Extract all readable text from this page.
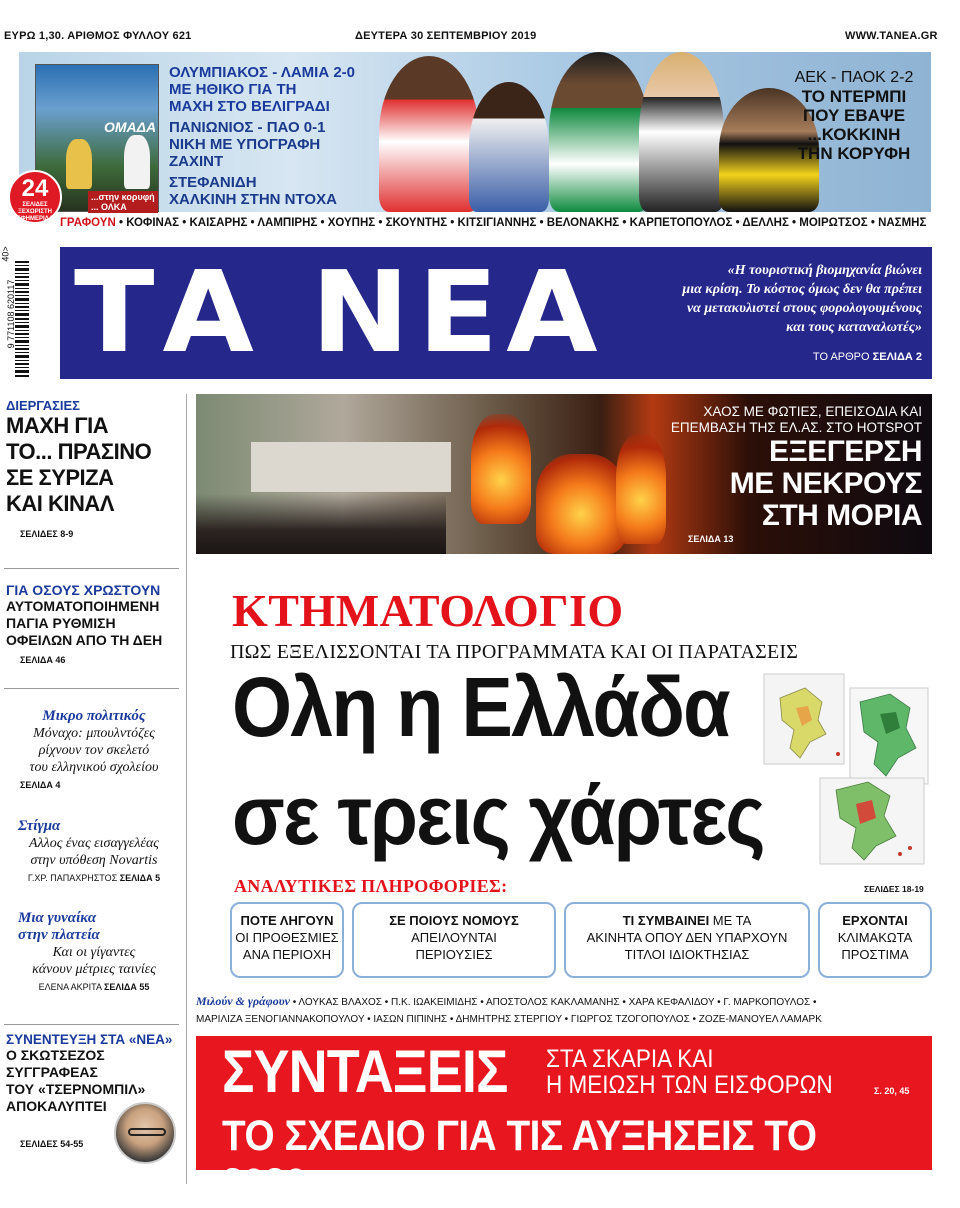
ΕΥΡΩ 1,30. ΑΡΙΘΜΟΣ ΦΥΛΛΟΥ 621	ΔΕΥΤΕΡΑ 30 ΣΕΠΤΕΜΒΡΙΟΥ 2019	WWW.TANEA.GR
ΟΜΑΔΑ
...στην κορυφή
... ΟΛΚΑ
ΟΛΥΜΠΙΑΚΟΣ - ΛΑΜΙΑ 2-0
ΜΕ ΗΘΙΚΟ ΓΙΑ ΤΗ ΜΑΧΗ ΣΤΟ ΒΕΛΙΓΡΑΔΙ
ΠΑΝΙΩΝΙΟΣ - ΠΑΟ 0-1
ΝΙΚΗ ΜΕ ΥΠΟΓΡΑΦΗ ΖΑΧΙΝΤ
ΣΤΕΦΑΝΙΔΗ
ΧΑΛΚΙΝΗ ΣΤΗΝ ΝΤΟΧΑ
ΑΕΚ - ΠΑΟΚ 2-2
ΤΟ ΝΤΕΡΜΠΙ
ΠΟΥ ΕΒΑΨΕ
...ΚΟΚΚΙΝΗ
ΤΗΝ ΚΟΡΥΦΗ
24
ΣΕΛΙΔΕΣ
ΞΕΧΩΡΙΣΤΗ ΕΦΗΜΕΡΙΔΑ ΓΡΑΦΟΥΝ • ΚΟΦΙΝΑΣ • ΚΑΙΣΑΡΗΣ • ΛΑΜΠΙΡΗΣ • ΧΟΥΠΗΣ • ΣΚΟΥΝΤΗΣ • ΚΙΤΣΙΓΙΑΝΝΗΣ • ΒΕΛΟΝΑΚΗΣ • ΚΑΡΠΕΤΟΠΟΥΛΟΣ • ΔΕΛΛΗΣ • ΜΟΙΡΩΤΣΟΣ • ΝΑΣΜΗΣ
9 771108 620117
40> ΤΑ ΝΕΑ	«Η τουριστική βιομηχανία βιώνει
μια κρίση. Το κόστος όμως δεν θα πρέπει
να μετακυλιστεί στους φορολογουμένους
και τους καταναλωτές»
ΤΟ ΑΡΘΡΟ ΣΕΛΙΔΑ 2
ΔΙΕΡΓΑΣΙΕΣ
ΜΑΧΗ ΓΙΑ
ΤΟ... ΠΡΑΣΙΝΟ
ΣΕ ΣΥΡΙΖΑ
ΚΑΙ ΚΙΝΑΛ
ΣΕΛΙΔΕΣ 8-9
ΓΙΑ ΟΣΟΥΣ ΧΡΩΣΤΟΥΝ
ΑΥΤΟΜΑΤΟΠΟΙΗΜΕΝΗ
ΠΑΓΙΑ ΡΥΘΜΙΣΗ
ΟΦΕΙΛΩΝ ΑΠΟ ΤΗ ΔΕΗ
ΣΕΛΙΔΑ 46
Μικρο πολιτικός
Μόναχο: μπουλντόζες
ρίχνουν τον σκελετό
του ελληνικού σχολείου
ΣΕΛΙΔΑ 4
Στίγμα
Αλλος ένας εισαγγελέας
στην υπόθεση Novartis
Γ.ΧΡ. ΠΑΠΑΧΡΗΣΤΟΣ ΣΕΛΙΔΑ 5
Μια γυναίκα
στην πλατεία
Και οι γίγαντες
κάνουν μέτριες ταινίες
ΕΛΕΝΑ ΑΚΡΙΤΑ ΣΕΛΙΔΑ 55
ΣΥΝΕΝΤΕΥΞΗ ΣΤΑ «ΝΕΑ»
Ο ΣΚΩΤΣΕΖΟΣ
ΣΥΓΓΡΑΦΕΑΣ
ΤΟΥ «ΤΣΕΡΝΟΜΠΙΛ»
ΑΠΟΚΑΛΥΠΤΕΙ
ΣΕΛΙΔΕΣ 54-55
ΧΑΟΣ ΜΕ ΦΩΤΙΕΣ, ΕΠΕΙΣΟΔΙΑ ΚΑΙ
ΕΠΕΜΒΑΣΗ ΤΗΣ ΕΛ.ΑΣ. ΣΤΟ HOTSPOT
ΕΞΕΓΕΡΣΗ
ΜΕ ΝΕΚΡΟΥΣ
ΣΤΗ ΜΟΡΙΑ
ΣΕΛΙΔΑ 13
ΚΤΗΜΑΤΟΛΟΓΙΟ
ΠΩΣ ΕΞΕΛΙΣΣΟΝΤΑΙ ΤΑ ΠΡΟΓΡΑΜΜΑΤΑ ΚΑΙ ΟΙ ΠΑΡΑΤΑΣΕΙΣ
Ολη η Ελλάδα
σε τρεις χάρτες
ΑΝΑΛΥΤΙΚΕΣ ΠΛΗΡΟΦΟΡΙΕΣ:	ΣΕΛΙΔΕΣ 18-19
ΠΟΤΕ ΛΗΓΟΥΝ
ΟΙ ΠΡΟΘΕΣΜΙΕΣ
ΑΝΑ ΠΕΡΙΟΧΗ
ΣΕ ΠΟΙΟΥΣ ΝΟΜΟΥΣ
ΑΠΕΙΛΟΥΝΤΑΙ
ΠΕΡΙΟΥΣΙΕΣ
ΤΙ ΣΥΜΒΑΙΝΕΙ ΜΕ ΤΑ
ΑΚΙΝΗΤΑ ΟΠΟΥ ΔΕΝ ΥΠΑΡΧΟΥΝ
ΤΙΤΛΟΙ ΙΔΙΟΚΤΗΣΙΑΣ
ΕΡΧΟΝΤΑΙ
ΚΛΙΜΑΚΩΤΑ
ΠΡΟΣΤΙΜΑ
Μιλούν & γράφουν • ΛΟΥΚΑΣ ΒΛΑΧΟΣ • Π.Κ. ΙΩΑΚΕΙΜΙΔΗΣ • ΑΠΟΣΤΟΛΟΣ ΚΑΚΛΑΜΑΝΗΣ • ΧΑΡΑ ΚΕΦΑΛΙΔΟΥ • Γ. ΜΑΡΚΟΠΟΥΛΟΣ •
ΜΑΡΙΛΙΖΑ ΞΕΝΟΓΙΑΝΝΑΚΟΠΟΥΛΟΥ • ΙΑΣΩΝ ΠΙΠΙΝΗΣ • ΔΗΜΗΤΡΗΣ ΣΤΕΡΓΙΟΥ • ΓΙΩΡΓΟΣ ΤΖΟΓΟΠΟΥΛΟΣ • ΖΟΖΕ-ΜΑΝΟΥΕΛ ΛΑΜΑΡΚ
ΣΥΝΤΑΞΕΙΣ ΣΤΑ ΣΚΑΡΙΑ ΚΑΙ
Η ΜΕΙΩΣΗ ΤΩΝ ΕΙΣΦΟΡΩΝ	Σ. 20, 45
ΤΟ ΣΧΕΔΙΟ ΓΙΑ ΤΙΣ ΑΥΞΗΣΕΙΣ ΤΟ 2020
